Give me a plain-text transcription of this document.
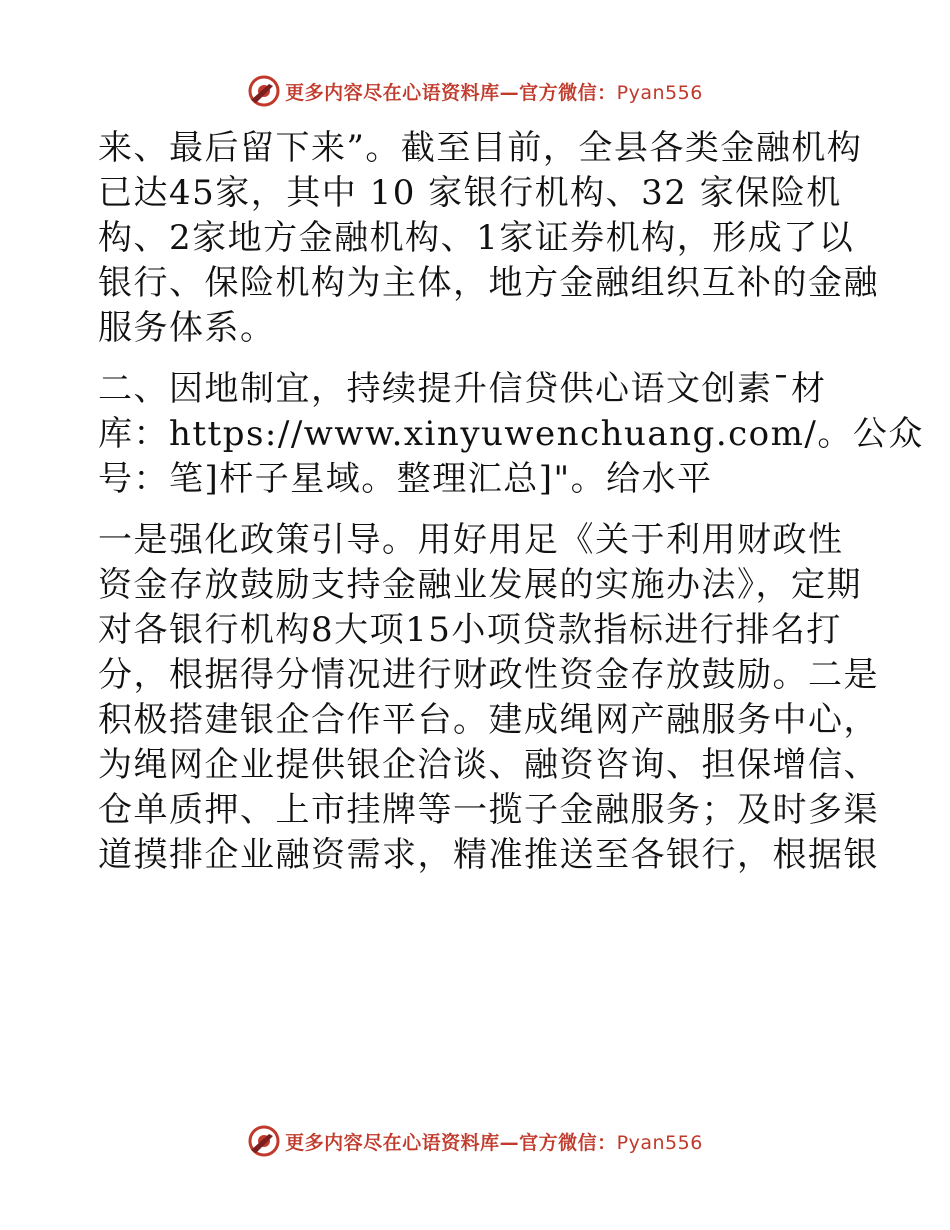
更多内容尽在心语资料库—官方微信：Pyan556
来、最后留下来”。截至目前，全县各类金融机构
已达45家，其中 10 家银行机构、32 家保险机
构、2家地方金融机构、1家证券机构，形成了以
银行、保险机构为主体，地方金融组织互补的金融
服务体系。
二、因地制宜，持续提升信贷供心语文创素¯材
库：https://www.xinyuwenchuang.com/。公众
号：笔]杆子星域。整理汇总]"。给水平
一是强化政策引导。用好用足《关于利用财政性
资金存放鼓励支持金融业发展的实施办法》，定期
对各银行机构8大项15小项贷款指标进行排名打
分，根据得分情况进行财政性资金存放鼓励。二是
积极搭建银企合作平台。建成绳网产融服务中心，
为绳网企业提供银企洽谈、融资咨询、担保增信、
仓单质押、上市挂牌等一揽子金融服务；及时多渠
道摸排企业融资需求，精准推送至各银行，根据银
更多内容尽在心语资料库—官方微信：Pyan556
